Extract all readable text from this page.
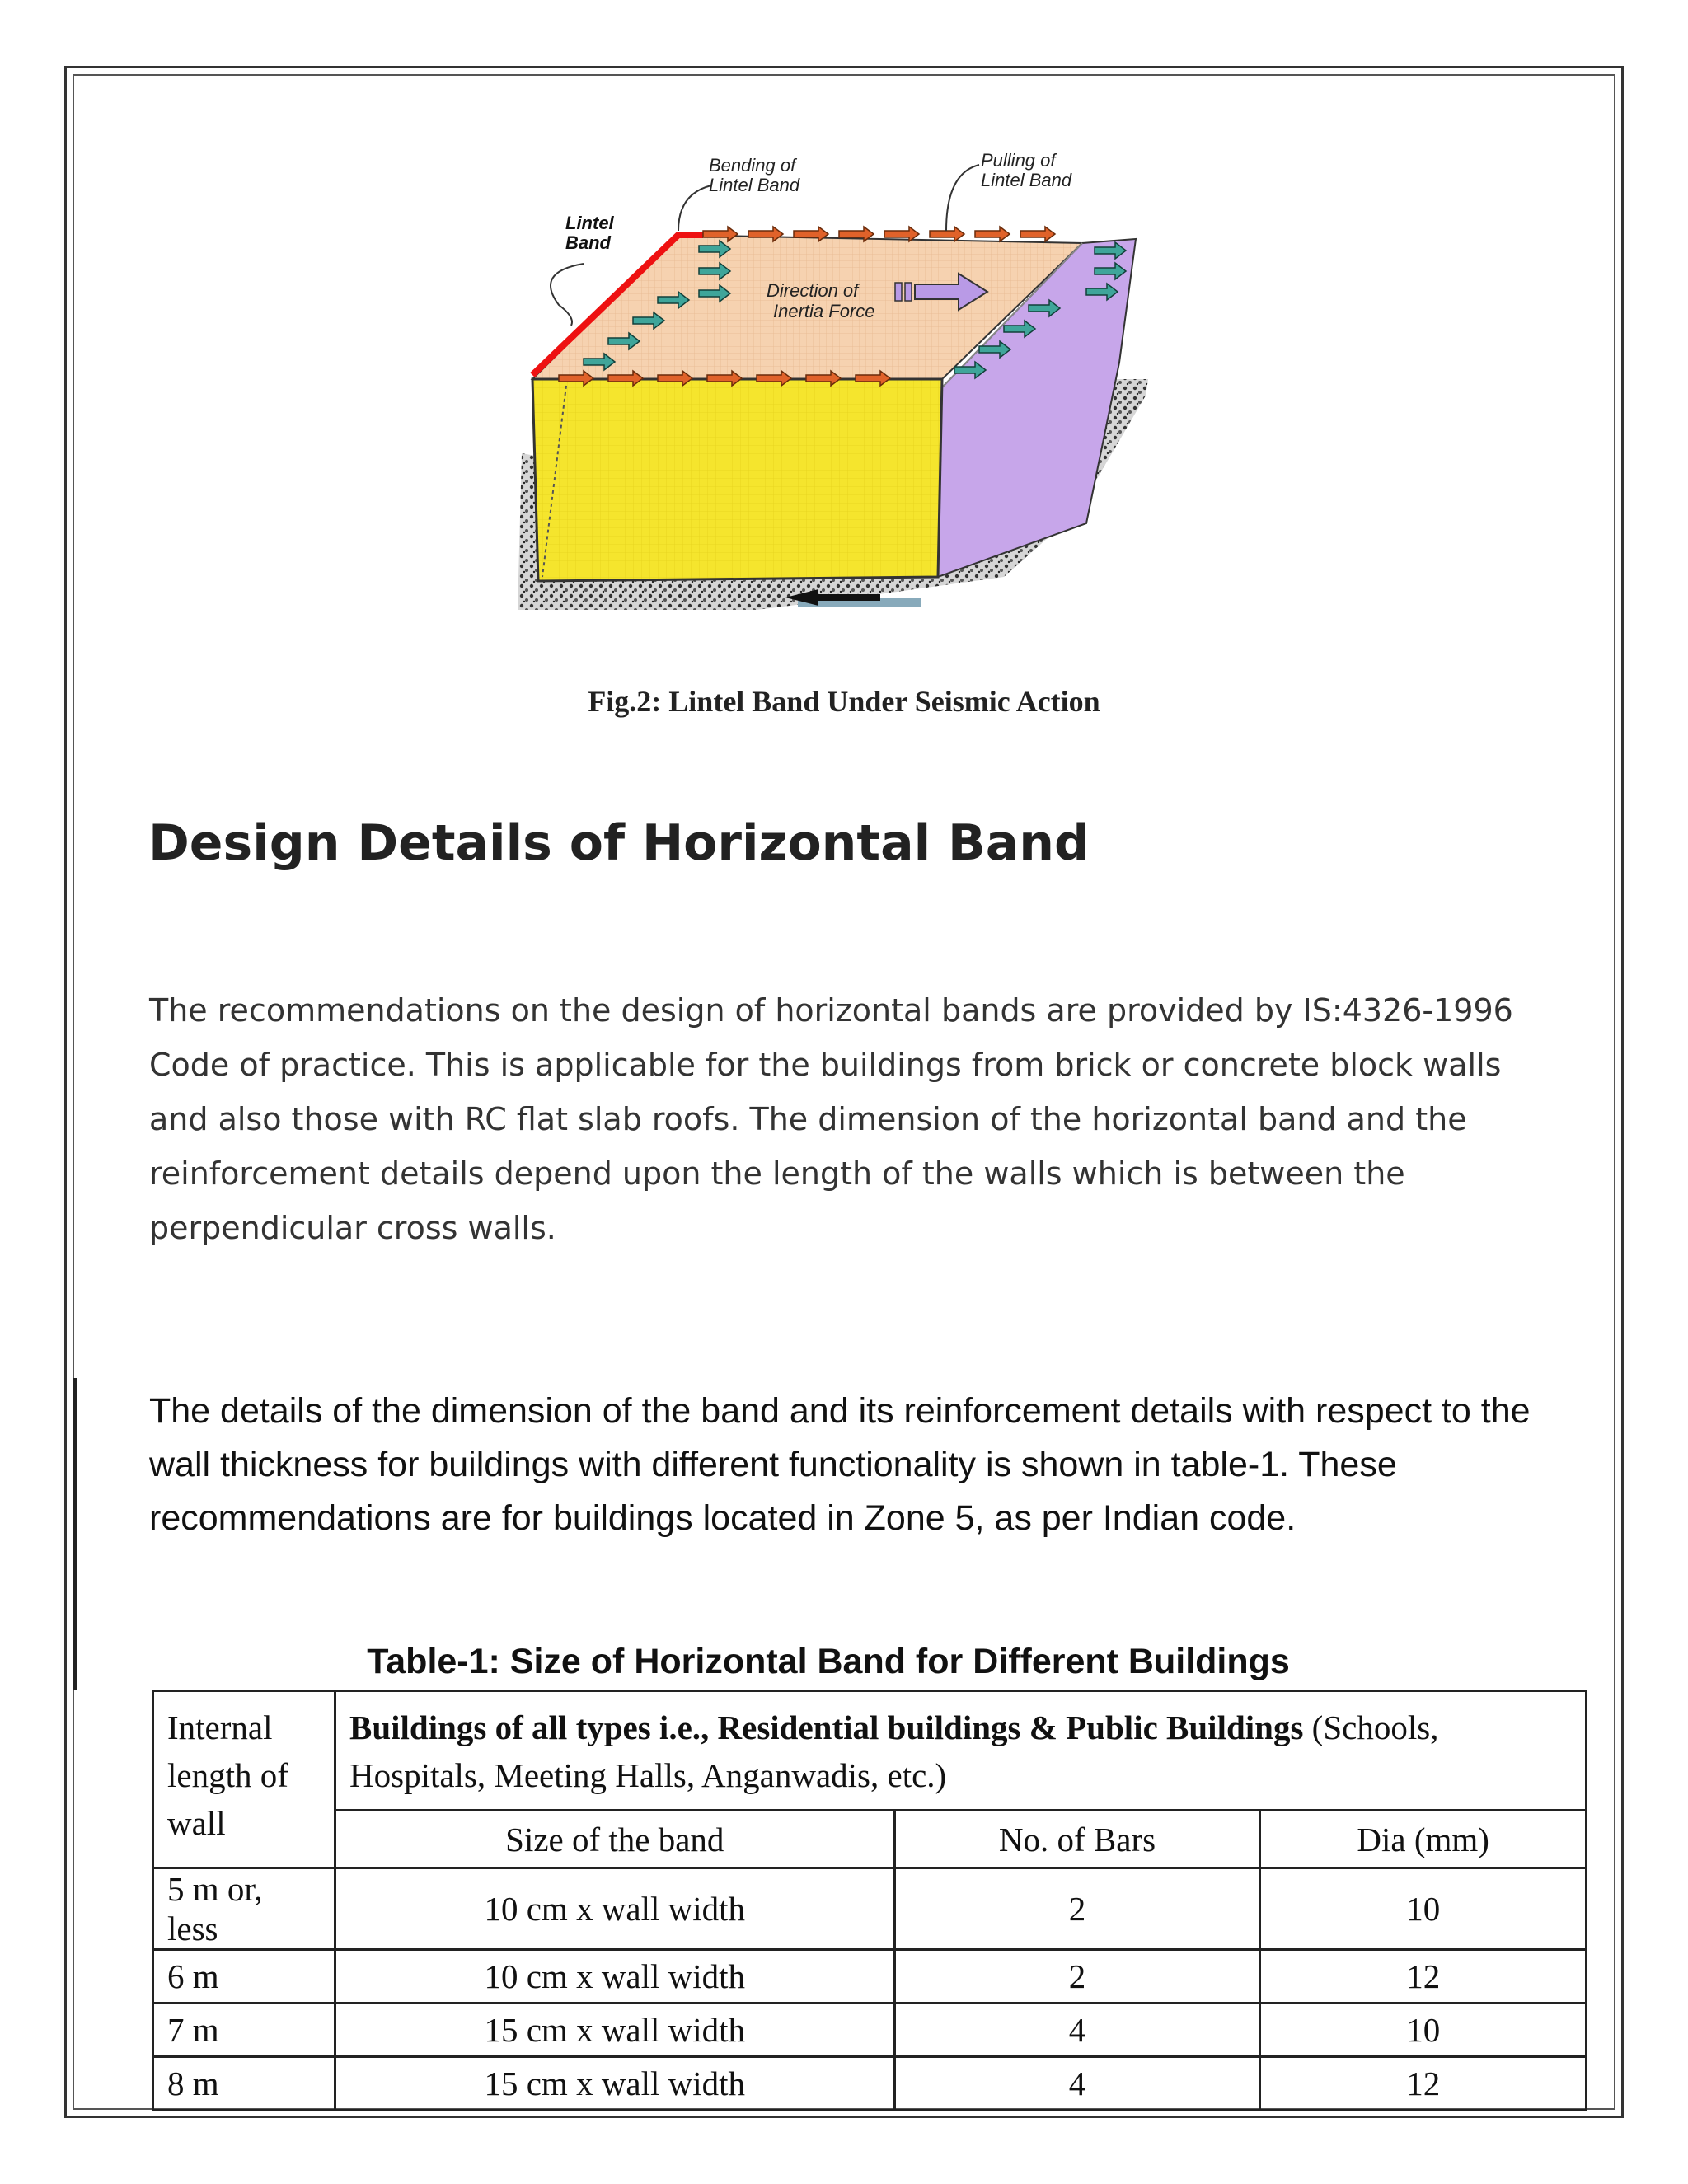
Lintel Band
Bending of Lintel Band
Pulling of Lintel Band
Direction of Inertia Force

Fig.2: Lintel Band Under Seismic Action

Design Details of Horizontal Band

The recommendations on the design of horizontal bands are provided by IS:4326-1996 Code of practice. This is applicable for the buildings from brick or concrete block walls and also those with RC flat slab roofs. The dimension of the horizontal band and the reinforcement details depend upon the length of the walls which is between the perpendicular cross walls.

The details of the dimension of the band and its reinforcement details with respect to the wall thickness for buildings with different functionality is shown in table-1. These recommendations are for buildings located in Zone 5, as per Indian code.

Table-1: Size of Horizontal Band for Different Buildings

Internal length of wall	Buildings of all types i.e., Residential buildings & Public Buildings (Schools, Hospitals, Meeting Halls, Anganwadis, etc.)		
	Size of the band	No. of Bars	Dia (mm)
5 m or, less	10 cm x wall width	2	10
6 m	10 cm x wall width	2	12
7 m	15 cm x wall width	4	10
8 m	15 cm x wall width	4	12
